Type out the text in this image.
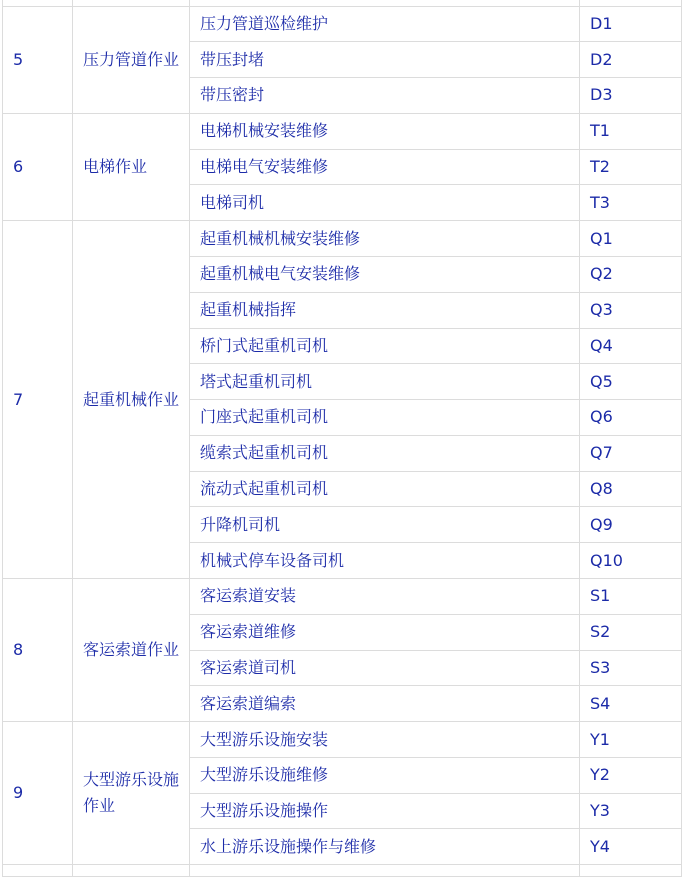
5	压力管道作业	压力管道巡检维护	D1
		带压封堵	D2
		带压密封	D3
6	电梯作业	电梯机械安装维修	T1
		电梯电气安装维修	T2
		电梯司机	T3
7	起重机械作业	起重机械机械安装维修	Q1
		起重机械电气安装维修	Q2
		起重机械指挥	Q3
		桥门式起重机司机	Q4
		塔式起重机司机	Q5
		门座式起重机司机	Q6
		缆索式起重机司机	Q7
		流动式起重机司机	Q8
		升降机司机	Q9
		机械式停车设备司机	Q10
8	客运索道作业	客运索道安装	S1
		客运索道维修	S2
		客运索道司机	S3
		客运索道编索	S4
9	大型游乐设施作业	大型游乐设施安装	Y1
		大型游乐设施维修	Y2
		大型游乐设施操作	Y3
		水上游乐设施操作与维修	Y4
